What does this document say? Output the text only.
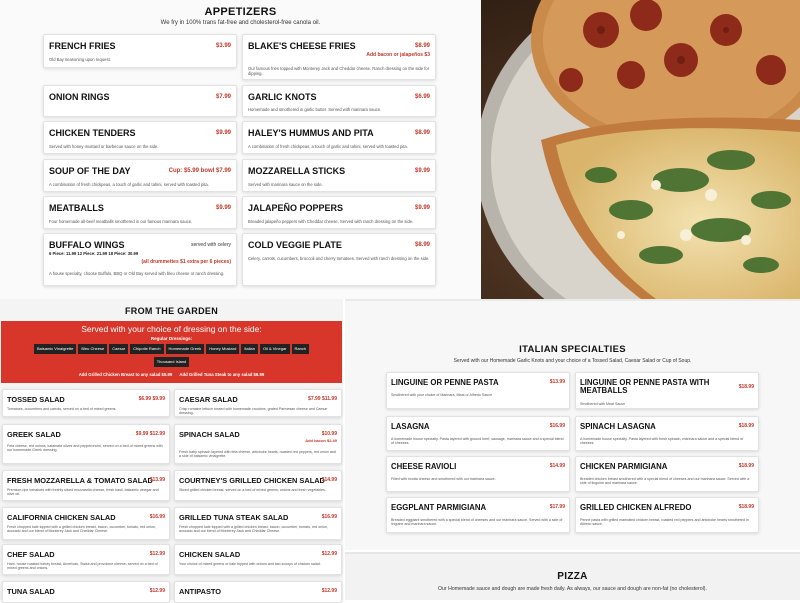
APPETIZERS
We fry in 100% trans fat-free and cholesterol-free canola oil.
FRENCH FRIES	$3.99
Old Bay seasoning upon request.
BLAKE'S CHEESE FRIES	$8.99
Add bacon or jalapeños $3
Our famous fries topped with Monterey Jack and Cheddar cheese. Ranch dressing on the side for dipping.
ONION RINGS	$7.99 GARLIC KNOTS	$6.99
Homemade and smothered in garlic butter. Served with marinara sauce.
CHICKEN TENDERS	$9.99
Served with honey mustard or barbecue sauce on the side.
HALEY'S HUMMUS AND PITA	$8.99
A combination of fresh chickpeas, a touch of garlic and tahini, served with toasted pita.
SOUP OF THE DAY	Cup: $5.99 bowl $7.99
A combination of fresh chickpeas, a touch of garlic and tahini, served with toasted pita.
MOZZARELLA STICKS	$9.99
Served with marinara sauce on the side.
MEATBALLS	$9.99
Four homemade all-beef meatballs smothered in our famous marinara sauce.
JALAPEÑO POPPERS	$9.99
Breaded jalapeño peppers with Cheddar cheese. Served with ranch dressing on the side.
BUFFALO WINGS	served with celery
6 Piece: 11.99 12 Piece: 21.99 18 Piece: 30.99
(all drummettes $1 extra per 6 pieces)
A house specialty, choose Buffalo, BBQ or Old Bay served with bleu cheese or ranch dressing.
COLD VEGGIE PLATE	$8.99
Celery, carrots, cucumbers, broccoli and cherry tomatoes. Served with ranch dressing on the side.
FROM THE GARDEN
Served with your choice of dressing on the side:
Regular Dressings:
Balsamic Vinaigrette Bleu Cheese Caesar Chipotle Ranch Homemade Greek Honey Mustard Italian Oil & Vinegar RanchThousand Island
Add Grilled Chicken Breast to any salad $5.99 Add Grilled Tuna Steak to any salad $6.99
TOSSED SALAD	$6.99 $9.99
Tomatoes, cucumbers and carrots, served on a bed of mixed greens.
CAESAR SALAD	$7.99 $11.99
Crisp romaine lettuce tossed with homemade croutons, grated Parmesan cheese and Caesar dressing.
GREEK SALAD	$9.99 $12.99
Feta cheese, red onions, kalamata olives and pepperoncini, served on a bed of mixed greens with our homemade Greek dressing.
SPINACH SALAD	$10.99
Add bacon $2.49
Fresh baby spinach layered with feta cheese, artichoke hearts, roasted red peppers, red onion and a side of balsamic vinaigrette.
FRESH MOZZARELLA & TOMATO SALAD
$13.99
Premium ripe tomatoes with freshly sliced mozzarella cheese, fresh basil, balsamic vinegar and olive oil.
COURTNEY'S GRILLED CHICKEN SALAD
$14.99
Sliced grilled chicken breast, served on a bed of mixed greens, onions and fresh vegetables.
CALIFORNIA CHICKEN SALAD	$16.99
Fresh chopped kale topped with a grilled chicken breast, bacon, cucumber, tomato, red onion, avocado and our blend of Monterey Jack and Cheddar Cheese.
GRILLED TUNA STEAK SALAD	$16.99
Fresh chopped kale topped with a grilled chicken breast, bacon, cucumber, tomato, red onion, avocado and our blend of Monterey Jack and Cheddar Cheese.
CHEF SALAD	$12.99
Ham, house roasted turkey breast, American, Swiss and provolone cheese, served on a bed of mixed greens and onions.
CHICKEN SALAD	$12.99
Your choice of mixed greens or kale topped with onions and two scoops of chicken salad.
TUNA SALAD	$12.99 ANTIPASTO	$12.99
ITALIAN SPECIALTIES
Served with our Homemade Garlic Knots and your choice of a Tossed Salad, Caesar Salad or Cup of Soup.
LINGUINE OR PENNE PASTA	$13.99
Smothered with your choice of Marinara, Meat or Alfredo Sauce
LINGUINE OR PENNE PASTA WITH MEATBALLS	$18.99
Smothered with Meat Sauce
LASAGNA	$16.99
A homemade house specialty. Pasta layered with ground beef, sausage, marinara sauce and a special blend of cheeses.
SPINACH LASAGNA	$18.99
A homemade house specialty. Pasta layered with fresh spinach, marinara sauce and a special blend of cheeses.
CHEESE RAVIOLI	$14.99
Filled with ricotta cheese and smothered with our marinara sauce.
CHICKEN PARMIGIANA	$18.99
Breaded chicken breast smothered with a special blend of cheeses and our marinara sauce. Served with a side of linguine and marinara sauce.
EGGPLANT PARMIGIANA	$17.99
Breaded eggplant smothered with a special blend of cheeses and our marinara sauce. Served with a side of linguine and marinara sauce.
GRILLED CHICKEN ALFREDO	$18.99
Penne pasta with grilled marinated chicken breast, roasted red peppers and artichoke hearts smothered in Alfredo sauce.
PIZZA
Our Homemade sauce and dough are made fresh daily. As always, our sauce and dough are non-fat (no cholesterol).
